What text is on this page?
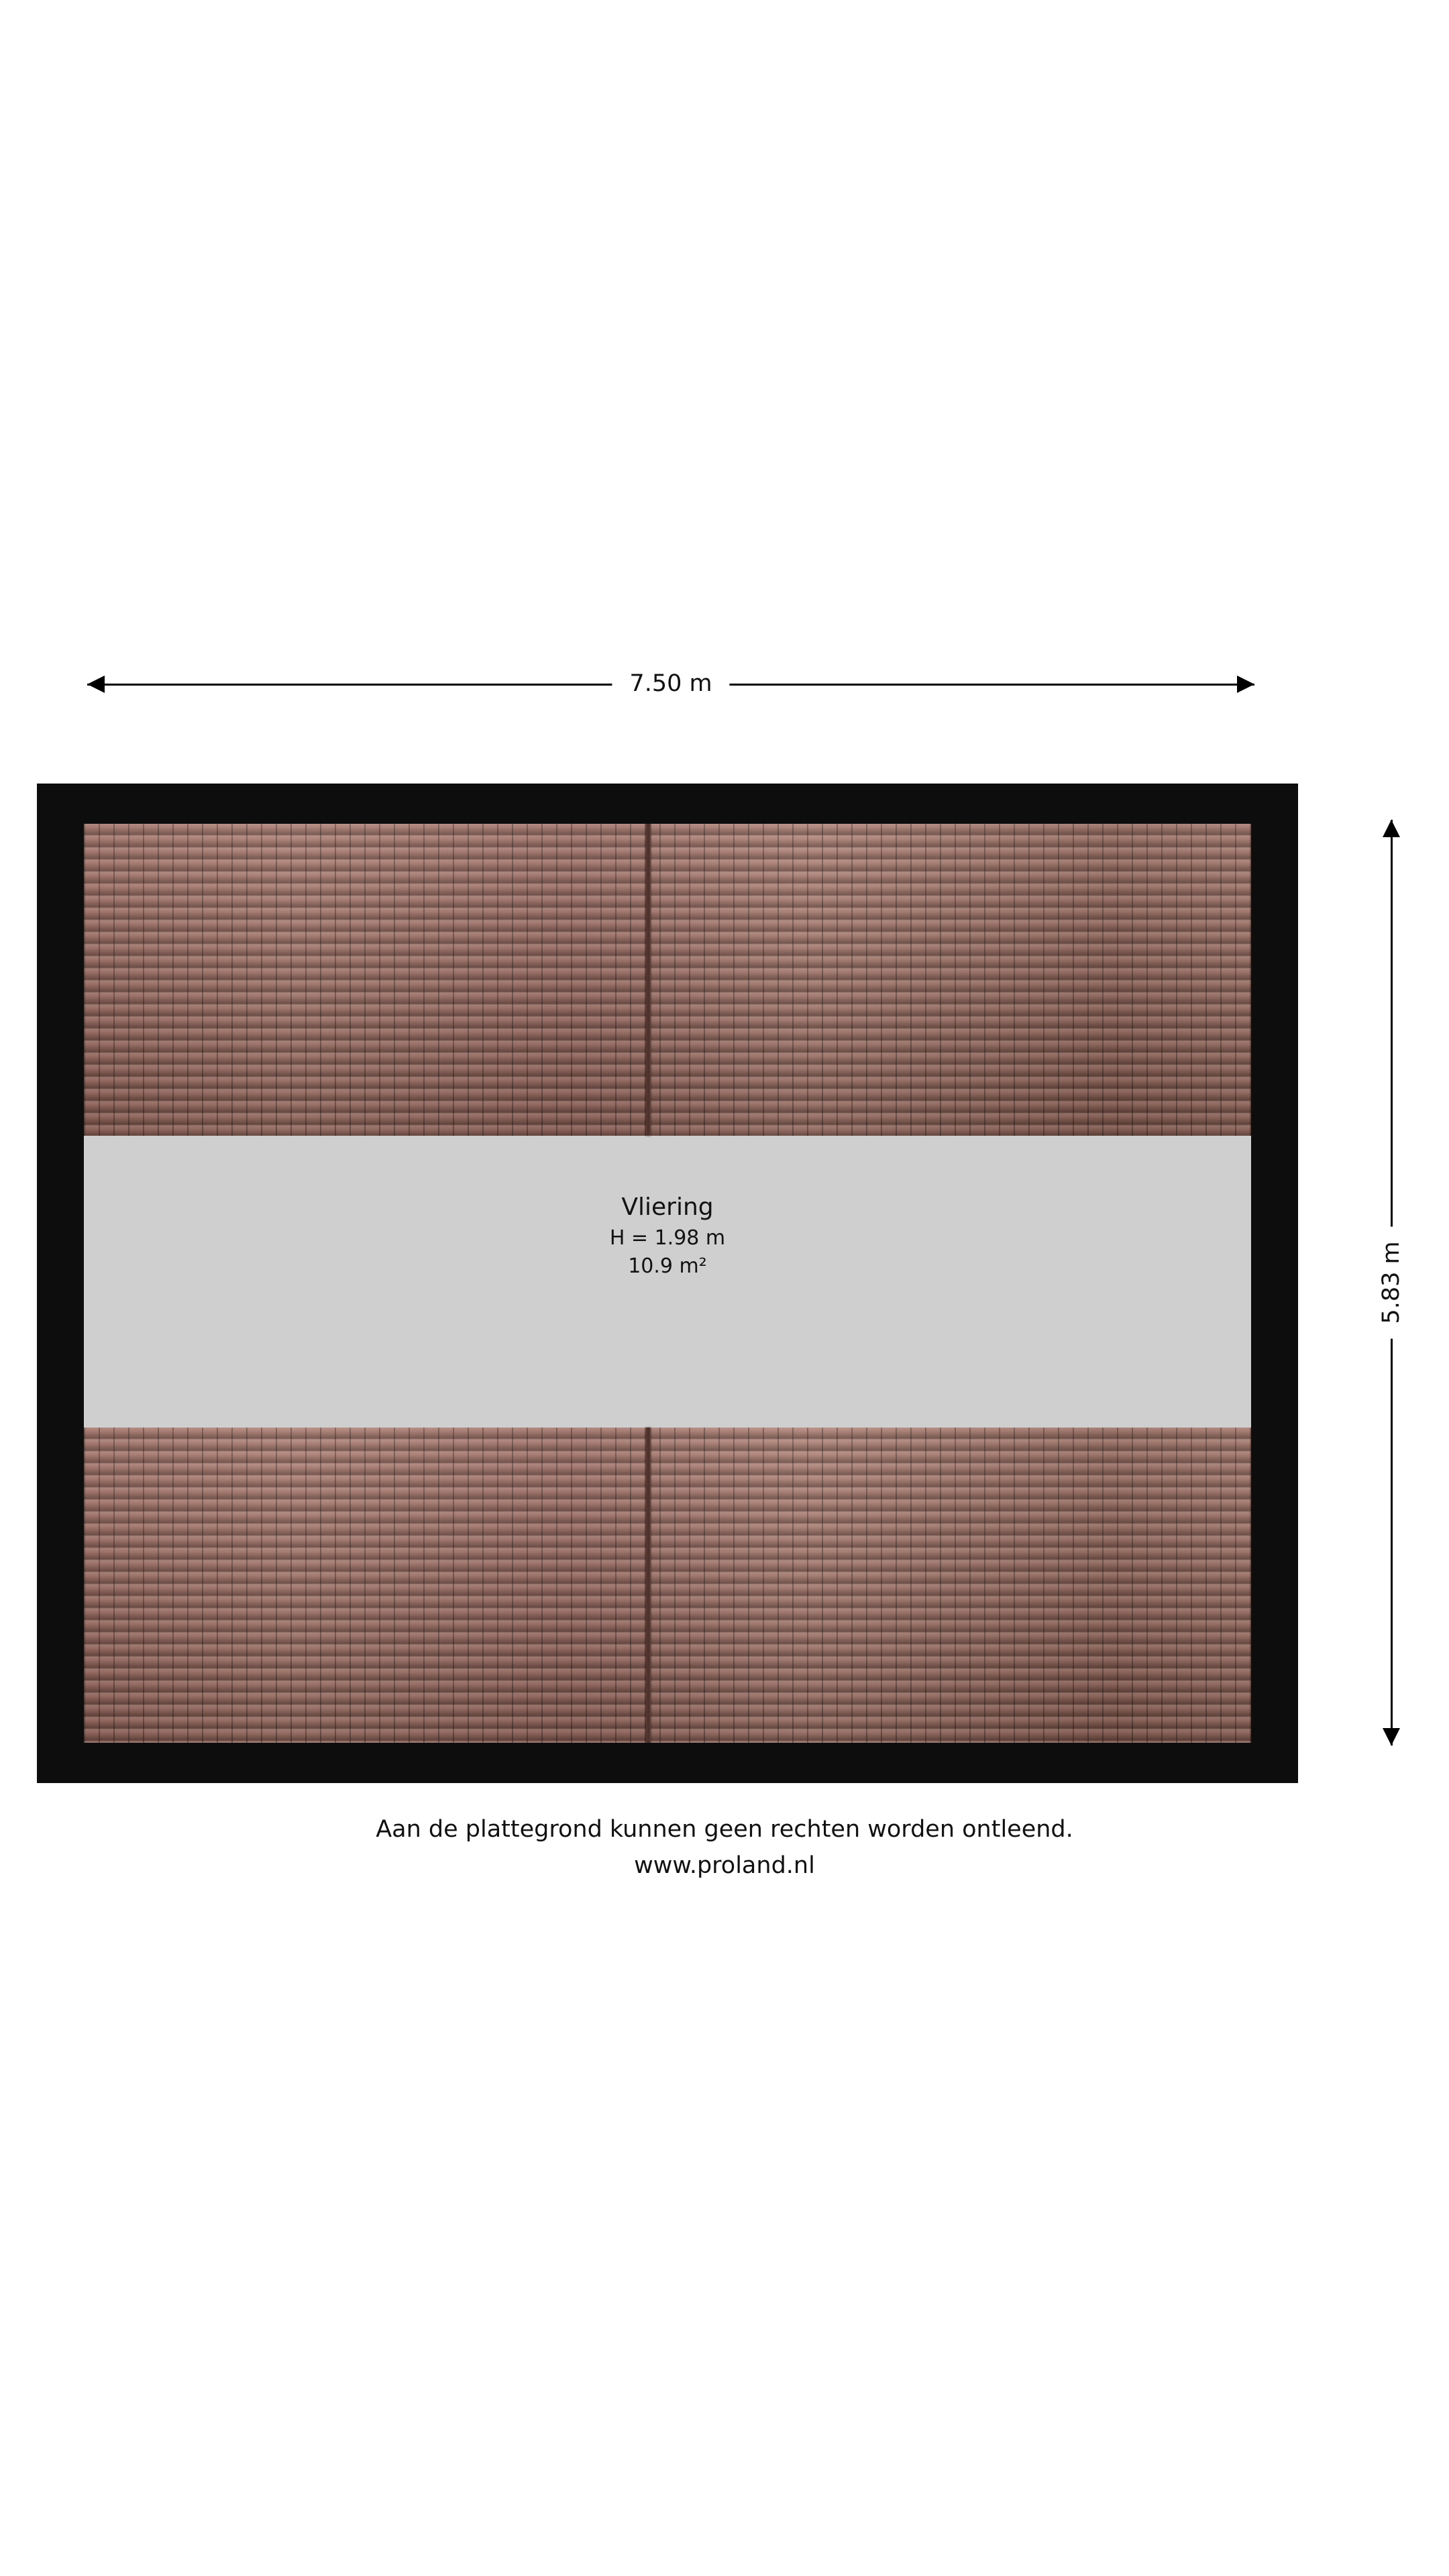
7.50 m
5.83 m
Vliering
H = 1.98 m
10.9 m²
Aan de plattegrond kunnen geen rechten worden ontleend.
www.proland.nl
